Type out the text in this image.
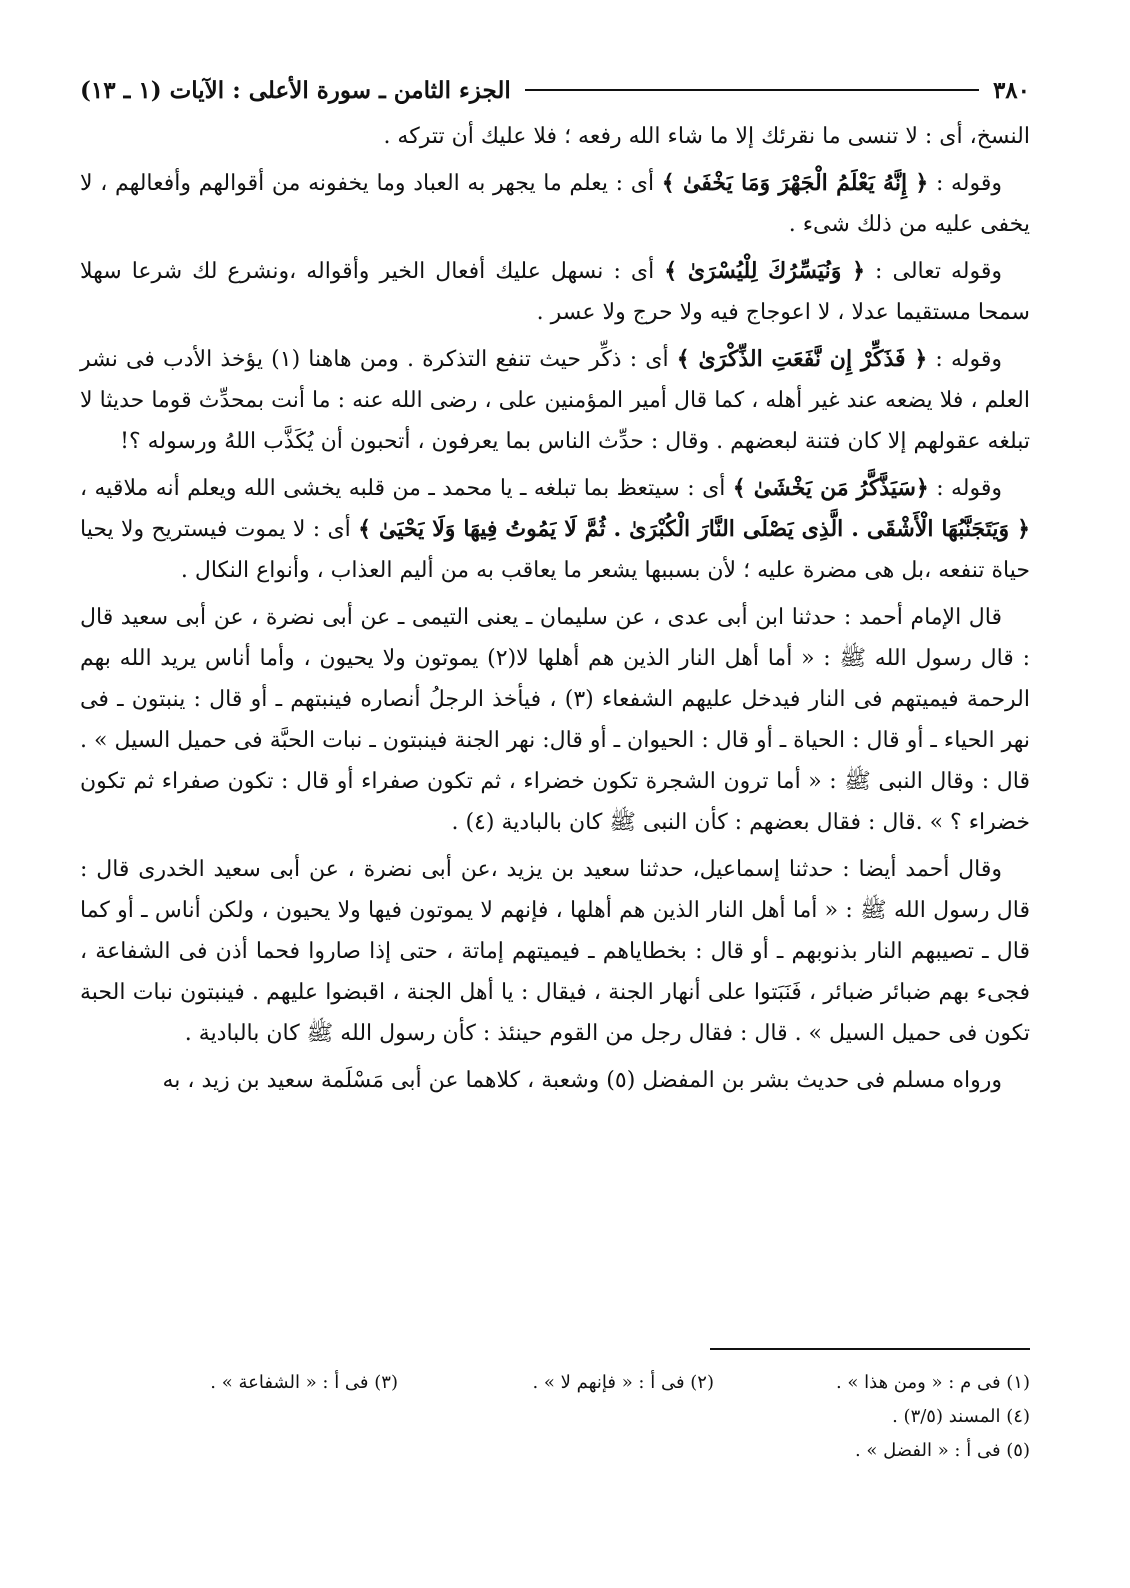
٣٨٠
الجزء الثامن ـ سورة الأعلى : الآيات (١ ـ ١٣)

النسخ، أى : لا تنسى ما نقرئك إلا ما شاء الله رفعه ؛ فلا عليك أن تتركه .

وقوله : ﴿ إِنَّهُ يَعْلَمُ الْجَهْرَ وَمَا يَخْفَىٰ ﴾ أى : يعلم ما يجهر به العباد وما يخفونه من أقوالهم وأفعالهم ، لا يخفى عليه من ذلك شىء .

وقوله تعالى : ﴿ وَنُيَسِّرُكَ لِلْيُسْرَىٰ ﴾ أى : نسهل عليك أفعال الخير وأقواله ،ونشرع لك شرعا سهلا سمحا مستقيما عدلا ، لا اعوجاج فيه ولا حرج ولا عسر .

وقوله : ﴿ فَذَكِّرْ إِن نَّفَعَتِ الذِّكْرَىٰ ﴾ أى : ذكِّر حيث تنفع التذكرة . ومن هاهنا (١) يؤخذ الأدب فى نشر العلم ، فلا يضعه عند غير أهله ، كما قال أمير المؤمنين على ، رضى الله عنه : ما أنت بمحدِّث قوما حديثا لا تبلغه عقولهم إلا كان فتنة لبعضهم . وقال : حدِّث الناس بما يعرفون ، أتحبون أن يُكَذَّب اللهُ ورسوله ؟!

وقوله : ﴿سَيَذَّكَّرُ مَن يَخْشَىٰ ﴾ أى : سيتعظ بما تبلغه ـ يا محمد ـ من قلبه يخشى الله ويعلم أنه ملاقيه ، ﴿ وَيَتَجَنَّبُهَا الْأَشْقَى . الَّذِى يَصْلَى النَّارَ الْكُبْرَىٰ . ثُمَّ لَا يَمُوتُ فِيهَا وَلَا يَحْيَىٰ ﴾ أى : لا يموت فيستريح ولا يحيا حياة تنفعه ،بل هى مضرة عليه ؛ لأن بسببها يشعر ما يعاقب به من أليم العذاب ، وأنواع النكال .

قال الإمام أحمد : حدثنا ابن أبى عدى ، عن سليمان ـ يعنى التيمى ـ عن أبى نضرة ، عن أبى سعيد قال : قال رسول الله ﷺ : « أما أهل النار الذين هم أهلها لا(٢) يموتون ولا يحيون ، وأما أناس يريد الله بهم الرحمة فيميتهم فى النار فيدخل عليهم الشفعاء (٣) ، فيأخذ الرجلُ أنصاره فينبتهم ـ أو قال : ينبتون ـ فى نهر الحياء ـ أو قال : الحياة ـ أو قال : الحيوان ـ أو قال: نهر الجنة فينبتون ـ نبات الحبَّة فى حميل السيل » . قال : وقال النبى ﷺ : « أما ترون الشجرة تكون خضراء ، ثم تكون صفراء أو قال : تكون صفراء ثم تكون خضراء ؟ » .قال : فقال بعضهم : كأن النبى ﷺ كان بالبادية (٤) .

وقال أحمد أيضا : حدثنا إسماعيل، حدثنا سعيد بن يزيد ،عن أبى نضرة ، عن أبى سعيد الخدرى قال : قال رسول الله ﷺ : « أما أهل النار الذين هم أهلها ، فإنهم لا يموتون فيها ولا يحيون ، ولكن أناس ـ أو كما قال ـ تصيبهم النار بذنوبهم ـ أو قال : بخطاياهم ـ فيميتهم إماتة ، حتى إذا صاروا فحما أذن فى الشفاعة ، فجىء بهم ضبائر ضبائر ، فَنَبَتوا على أنهار الجنة ، فيقال : يا أهل الجنة ، اقبضوا عليهم . فينبتون نبات الحبة تكون فى حميل السيل » . قال : فقال رجل من القوم حينئذ : كأن رسول الله ﷺ كان بالبادية .

ورواه مسلم فى حديث بشر بن المفضل (٥) وشعبة ، كلاهما عن أبى مَسْلَمة سعيد بن زيد ، به

(١) فى م : « ومن هذا » .
(٢) فى أ : « فإنهم لا » .
(٣) فى أ : « الشفاعة » .
(٤) المسند (٣/٥) .
(٥) فى أ : « الفضل » .
